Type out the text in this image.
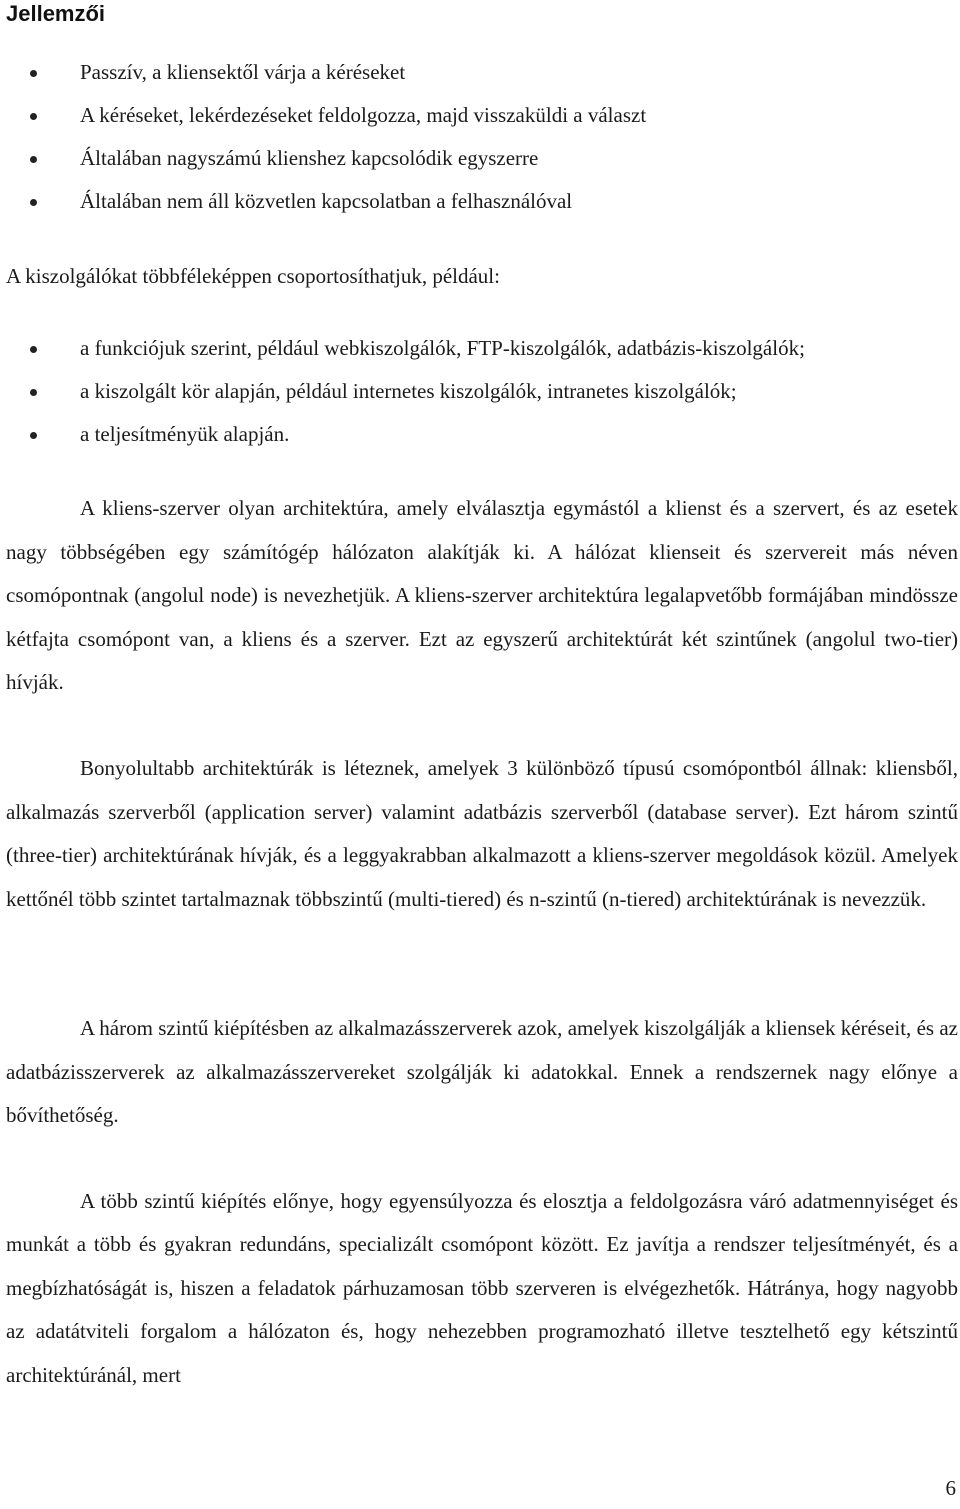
Jellemzői
Passzív, a kliensektől várja a kéréseket
A kéréseket, lekérdezéseket feldolgozza, majd visszaküldi a választ
Általában nagyszámú klienshez kapcsolódik egyszerre
Általában nem áll közvetlen kapcsolatban a felhasználóval
A kiszolgálókat többféleképpen csoportosíthatjuk, például:
a funkciójuk szerint, például webkiszolgálók, FTP-kiszolgálók, adatbázis-kiszolgálók;
a kiszolgált kör alapján, például internetes kiszolgálók, intranetes kiszolgálók;
a teljesítményük alapján.

A kliens-szerver olyan architektúra, amely elválasztja egymástól a klienst és a szervert, és az esetek nagy többségében egy számítógép hálózaton alakítják ki. A hálózat klienseit és szervereit más néven csomópontnak (angolul node) is nevezhetjük. A kliens-szerver architektúra legalapvetőbb formájában mindössze kétfajta csomópont van, a kliens és a szerver. Ezt az egyszerű architektúrát két szintűnek (angolul two-tier) hívják.

Bonyolultabb architektúrák is léteznek, amelyek 3 különböző típusú csomópontból állnak: kliensből, alkalmazás szerverből (application server) valamint adatbázis szerverből (database server). Ezt három szintű (three-tier) architektúrának hívják, és a leggyakrabban alkalmazott a kliens-szerver megoldások közül. Amelyek kettőnél több szintet tartalmaznak többszintű (multi-tiered) és n-szintű (n-tiered) architektúrának is nevezzük.

A három szintű kiépítésben az alkalmazásszerverek azok, amelyek kiszolgálják a kliensek kéréseit, és az adatbázisszerverek az alkalmazásszervereket szolgálják ki adatokkal. Ennek a rendszernek nagy előnye a bővíthetőség.

A több szintű kiépítés előnye, hogy egyensúlyozza és elosztja a feldolgozásra váró adatmennyiséget és munkát a több és gyakran redundáns, specializált csomópont között. Ez javítja a rendszer teljesítményét, és a megbízhatóságát is, hiszen a feladatok párhuzamosan több szerveren is elvégezhetők. Hátránya, hogy nagyobb az adatátviteli forgalom a hálózaton és, hogy nehezebben programozható illetve tesztelhető egy kétszintű architektúránál, mert

6
